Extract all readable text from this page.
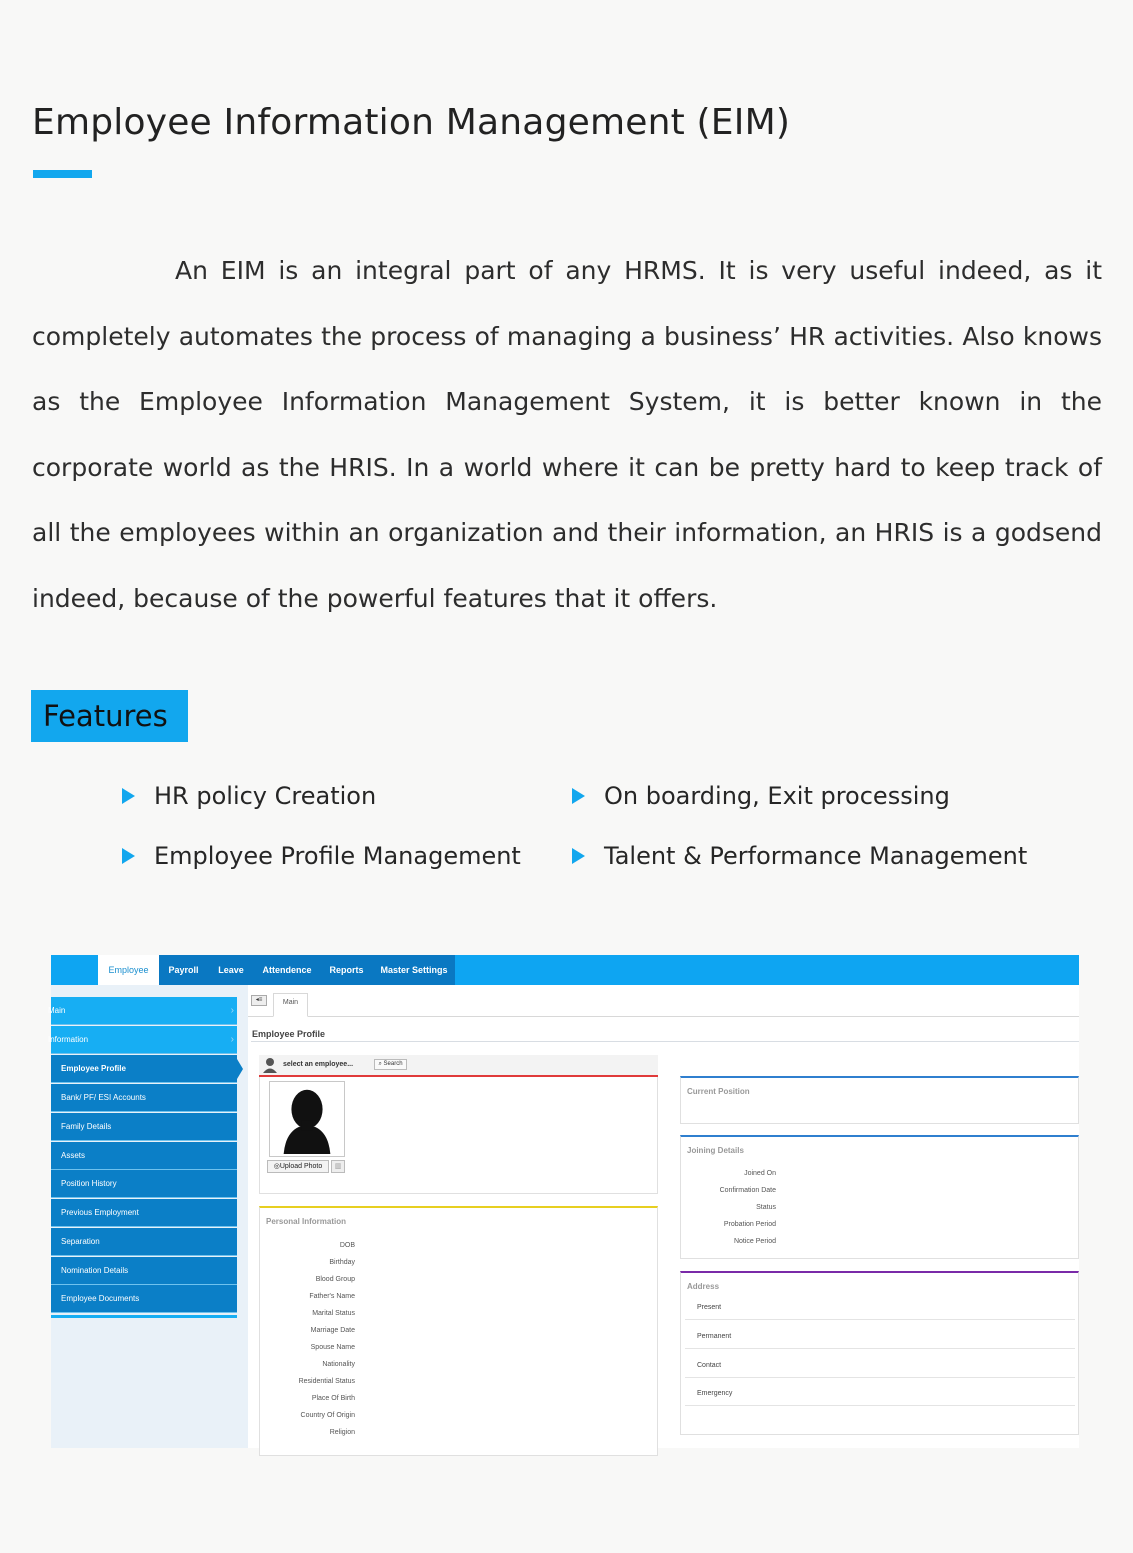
Employee Information Management (EIM)

An EIM is an integral part of any HRMS. It is very useful indeed, as it completely automates the process of managing a business’ HR activities. Also knows as the Employee Information Management System, it is better known in the corporate world as the HRIS. In a world where it can be pretty hard to keep track of all the employees within an organization and their information, an HRIS is a godsend indeed, because of the powerful features that it offers.

Features
HR policy Creation	On boarding, Exit processing
Employee Profile Management	Talent & Performance Management
Employee	Payroll	Leave	Attendence	Reports	Master Settings
Main	›
Information	›
Employee Profile
Bank/ PF/ ESI Accounts
Family Details
Assets
Position History
Previous Employment
Separation
Nomination Details
Employee Documents
◂≡	Main
Employee Profile
select an employee...	⌕ Search
◎Upload Photo	▥
Personal Information
DOB
Birthday
Blood Group
Father's Name
Marital Status
Marriage Date
Spouse Name
Nationality
Residential Status
Place Of Birth
Country Of Origin
Religion
Current Position
Joining Details
Joined On
Confirmation Date
Status
Probation Period
Notice Period
Address
Present
Permanent
Contact
Emergency
